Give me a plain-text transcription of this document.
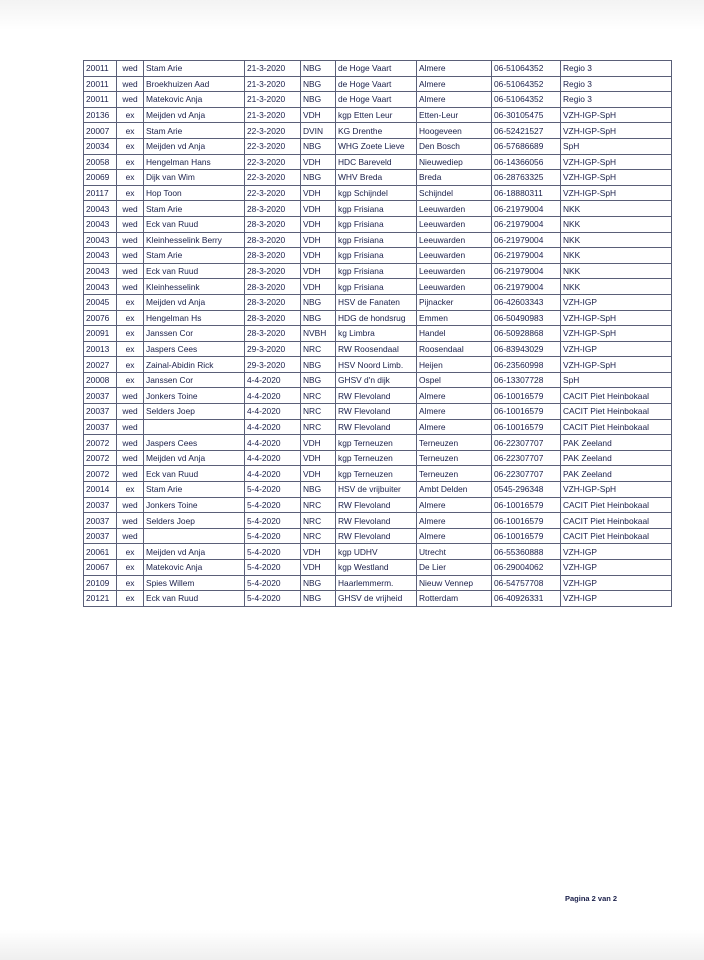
20011	wed	Stam Arie	21-3-2020	NBG	de Hoge Vaart	Almere	06-51064352	Regio 3
20011	wed	Broekhuizen Aad	21-3-2020	NBG	de Hoge Vaart	Almere	06-51064352	Regio 3
20011	wed	Matekovic Anja	21-3-2020	NBG	de Hoge Vaart	Almere	06-51064352	Regio 3
20136	ex	Meijden vd Anja	21-3-2020	VDH	kgp Etten Leur	Etten-Leur	06-30105475	VZH-IGP-SpH
20007	ex	Stam Arie	22-3-2020	DVIN	KG Drenthe	Hoogeveen	06-52421527	VZH-IGP-SpH
20034	ex	Meijden vd Anja	22-3-2020	NBG	WHG Zoete Lieve	Den Bosch	06-57686689	SpH
20058	ex	Hengelman Hans	22-3-2020	VDH	HDC Bareveld	Nieuwediep	06-14366056	VZH-IGP-SpH
20069	ex	Dijk van Wim	22-3-2020	NBG	WHV Breda	Breda	06-28763325	VZH-IGP-SpH
20117	ex	Hop Toon	22-3-2020	VDH	kgp Schijndel	Schijndel	06-18880311	VZH-IGP-SpH
20043	wed	Stam Arie	28-3-2020	VDH	kgp Frisiana	Leeuwarden	06-21979004	NKK
20043	wed	Eck van Ruud	28-3-2020	VDH	kgp Frisiana	Leeuwarden	06-21979004	NKK
20043	wed	Kleinhesselink Berry	28-3-2020	VDH	kgp Frisiana	Leeuwarden	06-21979004	NKK
20043	wed	Stam Arie	28-3-2020	VDH	kgp Frisiana	Leeuwarden	06-21979004	NKK
20043	wed	Eck van Ruud	28-3-2020	VDH	kgp Frisiana	Leeuwarden	06-21979004	NKK
20043	wed	Kleinhesselink	28-3-2020	VDH	kgp Frisiana	Leeuwarden	06-21979004	NKK
20045	ex	Meijden vd Anja	28-3-2020	NBG	HSV de Fanaten	Pijnacker	06-42603343	VZH-IGP
20076	ex	Hengelman Hs	28-3-2020	NBG	HDG de hondsrug	Emmen	06-50490983	VZH-IGP-SpH
20091	ex	Janssen Cor	28-3-2020	NVBH	kg Limbra	Handel	06-50928868	VZH-IGP-SpH
20013	ex	Jaspers Cees	29-3-2020	NRC	RW Roosendaal	Roosendaal	06-83943029	VZH-IGP
20027	ex	Zainal-Abidin Rick	29-3-2020	NBG	HSV Noord Limb.	Heijen	06-23560998	VZH-IGP-SpH
20008	ex	Janssen Cor	4-4-2020	NBG	GHSV d'n dijk	Ospel	06-13307728	SpH
20037	wed	Jonkers Toine	4-4-2020	NRC	RW Flevoland	Almere	06-10016579	CACIT Piet Heinbokaal
20037	wed	Selders Joep	4-4-2020	NRC	RW Flevoland	Almere	06-10016579	CACIT Piet Heinbokaal
20037	wed		4-4-2020	NRC	RW Flevoland	Almere	06-10016579	CACIT Piet Heinbokaal
20072	wed	Jaspers Cees	4-4-2020	VDH	kgp Terneuzen	Terneuzen	06-22307707	PAK Zeeland
20072	wed	Meijden vd Anja	4-4-2020	VDH	kgp Terneuzen	Terneuzen	06-22307707	PAK Zeeland
20072	wed	Eck van Ruud	4-4-2020	VDH	kgp Terneuzen	Terneuzen	06-22307707	PAK Zeeland
20014	ex	Stam Arie	5-4-2020	NBG	HSV de vrijbuiter	Ambt Delden	0545-296348	VZH-IGP-SpH
20037	wed	Jonkers Toine	5-4-2020	NRC	RW Flevoland	Almere	06-10016579	CACIT Piet Heinbokaal
20037	wed	Selders Joep	5-4-2020	NRC	RW Flevoland	Almere	06-10016579	CACIT Piet Heinbokaal
20037	wed		5-4-2020	NRC	RW Flevoland	Almere	06-10016579	CACIT Piet Heinbokaal
20061	ex	Meijden vd Anja	5-4-2020	VDH	kgp UDHV	Utrecht	06-55360888	VZH-IGP
20067	ex	Matekovic Anja	5-4-2020	VDH	kgp Westland	De Lier	06-29004062	VZH-IGP
20109	ex	Spies Willem	5-4-2020	NBG	Haarlemmerm.	Nieuw Vennep	06-54757708	VZH-IGP
20121	ex	Eck van Ruud	5-4-2020	NBG	GHSV de vrijheid	Rotterdam	06-40926331	VZH-IGP
Pagina 2 van 2
